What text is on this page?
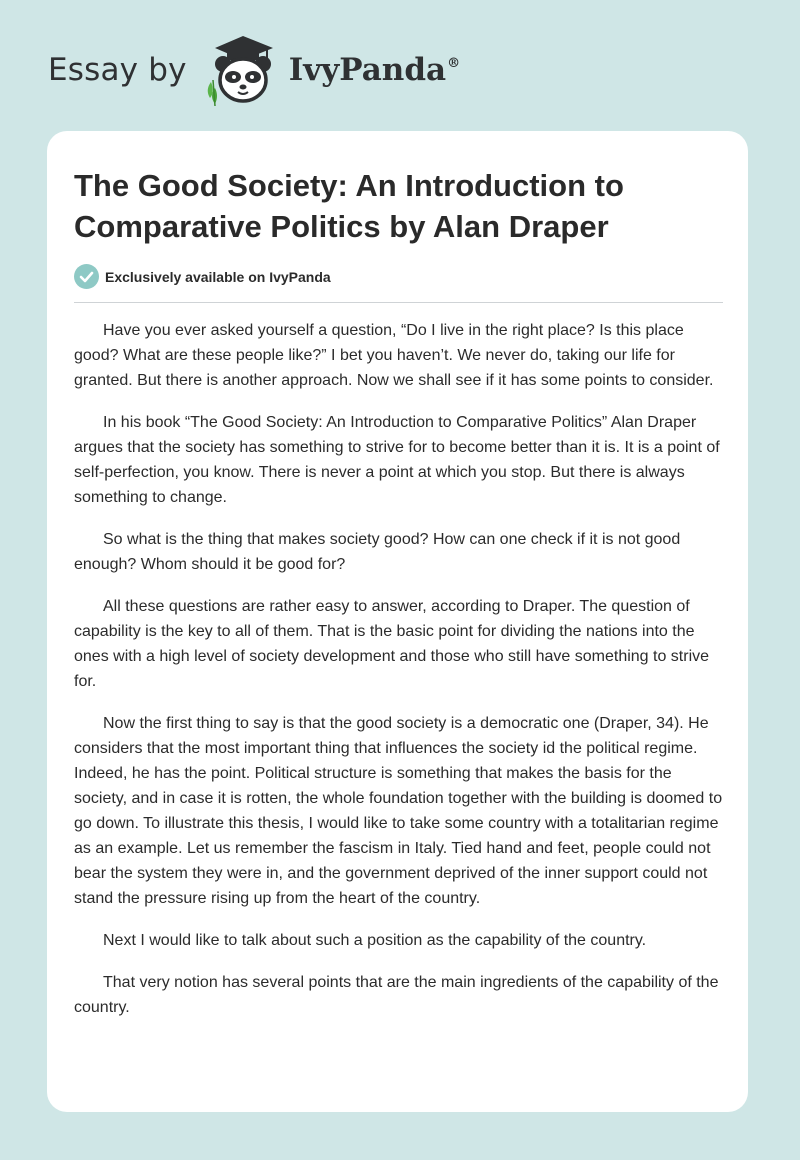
Essay by	IvyPanda®
The Good Society: An Introduction to Comparative Politics by Alan Draper
Exclusively available on IvyPanda

Have you ever asked yourself a question, “Do I live in the right place? Is this place good? What are these people like?” I bet you haven’t. We never do, taking our life for granted. But there is another approach. Now we shall see if it has some points to consider.

In his book “The Good Society: An Introduction to Comparative Politics” Alan Draper argues that the society has something to strive for to become better than it is. It is a point of self-perfection, you know. There is never a point at which you stop. But there is always something to change.

So what is the thing that makes society good? How can one check if it is not good enough? Whom should it be good for?

All these questions are rather easy to answer, according to Draper. The question of capability is the key to all of them. That is the basic point for dividing the nations into the ones with a high level of society development and those who still have something to strive for.

Now the first thing to say is that the good society is a democratic one (Draper, 34). He considers that the most important thing that influences the society id the political regime. Indeed, he has the point. Political structure is something that makes the basis for the society, and in case it is rotten, the whole foundation together with the building is doomed to go down. To illustrate this thesis, I would like to take some country with a totalitarian regime as an example. Let us remember the fascism in Italy. Tied hand and feet, people could not bear the system they were in, and the government deprived of the inner support could not stand the pressure rising up from the heart of the country.

Next I would like to talk about such a position as the capability of the country.

That very notion has several points that are the main ingredients of the capability of the country.
